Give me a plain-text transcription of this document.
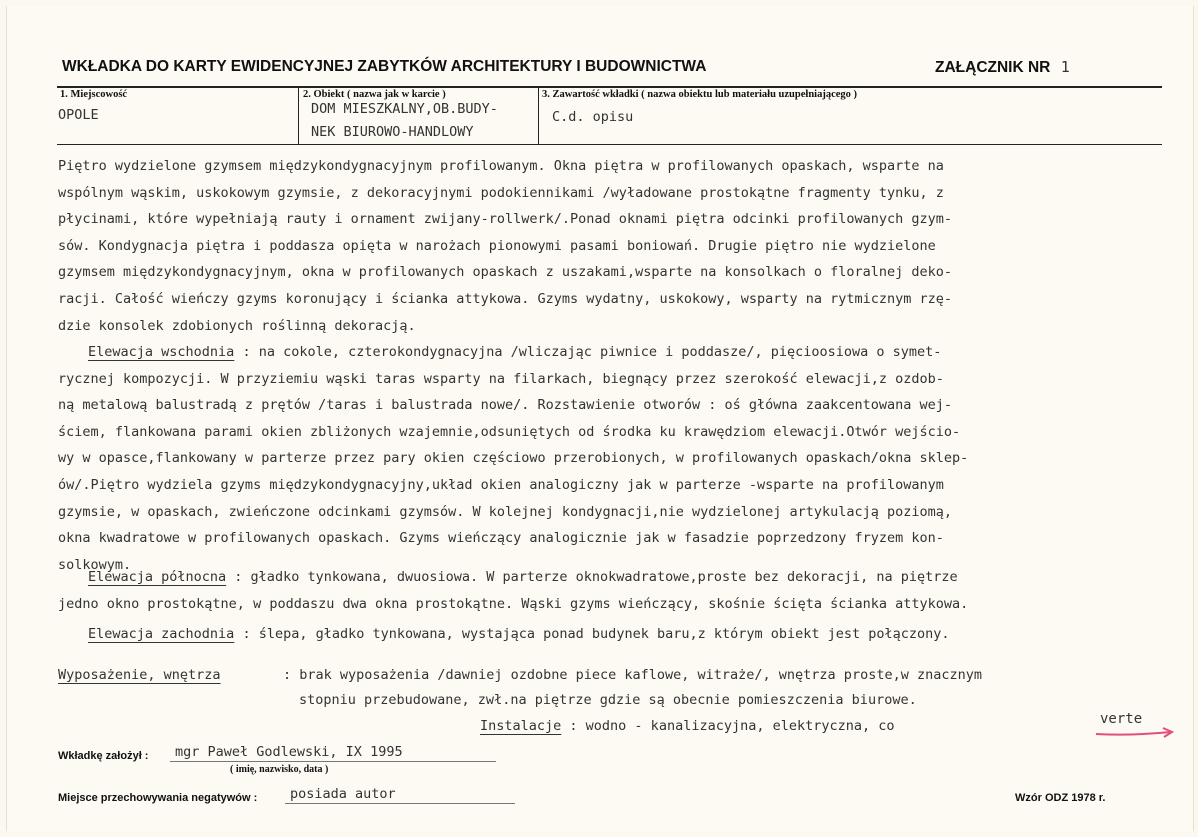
WKŁADKA DO KARTY EWIDENCYJNEJ ZABYTKÓW ARCHITEKTURY I BUDOWNICTWA	ZAŁĄCZNIK NR 1
1. Miejscowość
OPOLE
2. Obiekt ( nazwa jak w karcie )
DOM MIESZKALNY,OB.BUDY-
NEK BIUROWO-HANDLOWY
3. Zawartość wkładki ( nazwa obiektu lub materiału uzupełniającego )
C.d. opisu
Piętro wydzielone gzymsem międzykondygnacyjnym profilowanym. Okna piętra w profilowanych opaskach, wsparte na
wspólnym wąskim, uskokowym gzymsie, z dekoracyjnymi podokiennikami /wyładowane prostokątne fragmenty tynku, z
płycinami, które wypełniają rauty i ornament zwijany-rollwerk/.Ponad oknami piętra odcinki profilowanych gzym-
sów. Kondygnacja piętra i poddasza opięta w narożach pionowymi pasami boniowań. Drugie piętro nie wydzielone
gzymsem międzykondygnacyjnym, okna w profilowanych opaskach z uszakami,wsparte na konsolkach o floralnej deko-
racji. Całość wieńczy gzyms koronujący i ścianka attykowa. Gzyms wydatny, uskokowy, wsparty na rytmicznym rzę-
dzie konsolek zdobionych roślinną dekoracją.
Elewacja wschodnia : na cokole, czterokondygnacyjna /wliczając piwnice i poddasze/, pięcioosiowa o symet-
rycznej kompozycji. W przyziemiu wąski taras wsparty na filarkach, biegnący przez szerokość elewacji,z ozdob-
ną metalową balustradą z prętów /taras i balustrada nowe/. Rozstawienie otworów : oś główna zaakcentowana wej-
ściem, flankowana parami okien zbliżonych wzajemnie,odsuniętych od środka ku krawędziom elewacji.Otwór wejścio-
wy w opasce,flankowany w parterze przez pary okien częściowo przerobionych, w profilowanych opaskach/okna sklep-
ów/.Piętro wydziela gzyms międzykondygnacyjny,układ okien analogiczny jak w parterze -wsparte na profilowanym
gzymsie, w opaskach, zwieńczone odcinkami gzymsów. W kolejnej kondygnacji,nie wydzielonej artykulacją poziomą,
okna kwadratowe w profilowanych opaskach. Gzyms wieńczący analogicznie jak w fasadzie poprzedzony fryzem kon-
solkowym.
Elewacja północna : gładko tynkowana, dwuosiowa. W parterze oknokwadratowe,proste bez dekoracji, na piętrze
jedno okno prostokątne, w poddaszu dwa okna prostokątne. Wąski gzyms wieńczący, skośnie ścięta ścianka attykowa.
Elewacja zachodnia : ślepa, gładko tynkowana, wystająca ponad budynek baru,z którym obiekt jest połączony.
Wyposażenie, wnętrza	: brak wyposażenia /dawniej ozdobne piece kaflowe, witraże/, wnętrza proste,w znacznym
stopniu przebudowane, zwł.na piętrze gdzie są obecnie pomieszczenia biurowe.
Instalacje : wodno - kanalizacyjna, elektryczna, co	verte
Wkładkę założył : mgr Paweł Godlewski, IX 1995
( imię, nazwisko, data )
Miejsce przechowywania negatywów : posiada autor	Wzór ODZ 1978 r.
